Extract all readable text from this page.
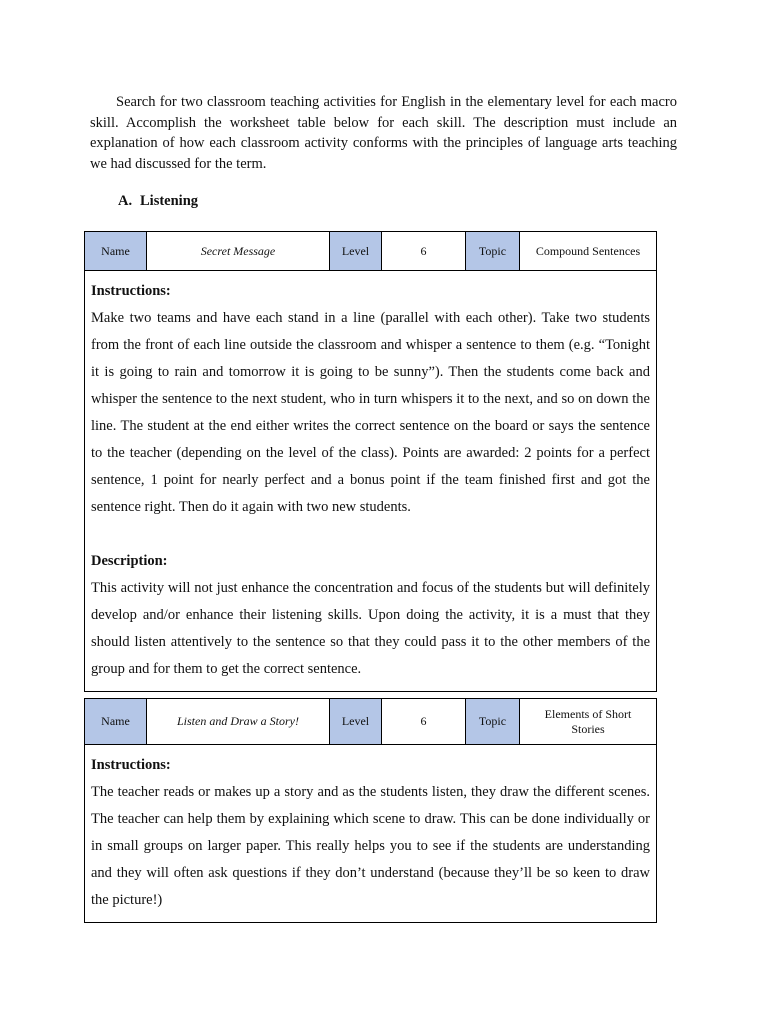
Search for two classroom teaching activities for English in the elementary level for each macro skill. Accomplish the worksheet table below for each skill. The description must include an explanation of how each classroom activity conforms with the principles of language arts teaching we had discussed for the term.

A. Listening

Name	Secret Message	Level	6	Topic	Compound Sentences

Instructions:

Make two teams and have each stand in a line (parallel with each other). Take two students from the front of each line outside the classroom and whisper a sentence to them (e.g. “Tonight it is going to rain and tomorrow it is going to be sunny”). Then the students come back and whisper the sentence to the next student, who in turn whispers it to the next, and so on down the line. The student at the end either writes the correct sentence on the board or says the sentence to the teacher (depending on the level of the class). Points are awarded: 2 points for a perfect sentence, 1 point for nearly perfect and a bonus point if the team finished first and got the sentence right. Then do it again with two new students.

Description:

This activity will not just enhance the concentration and focus of the students but will definitely develop and/or enhance their listening skills. Upon doing the activity, it is a must that they should listen attentively to the sentence so that they could pass it to the other members of the group and for them to get the correct sentence.

Name	Listen and Draw a Story!	Level	6	Topic	Elements of Short Stories

Instructions:

The teacher reads or makes up a story and as the students listen, they draw the different scenes. The teacher can help them by explaining which scene to draw. This can be done individually or in small groups on larger paper. This really helps you to see if the students are understanding and they will often ask questions if they don’t understand (because they’ll be so keen to draw the picture!)
